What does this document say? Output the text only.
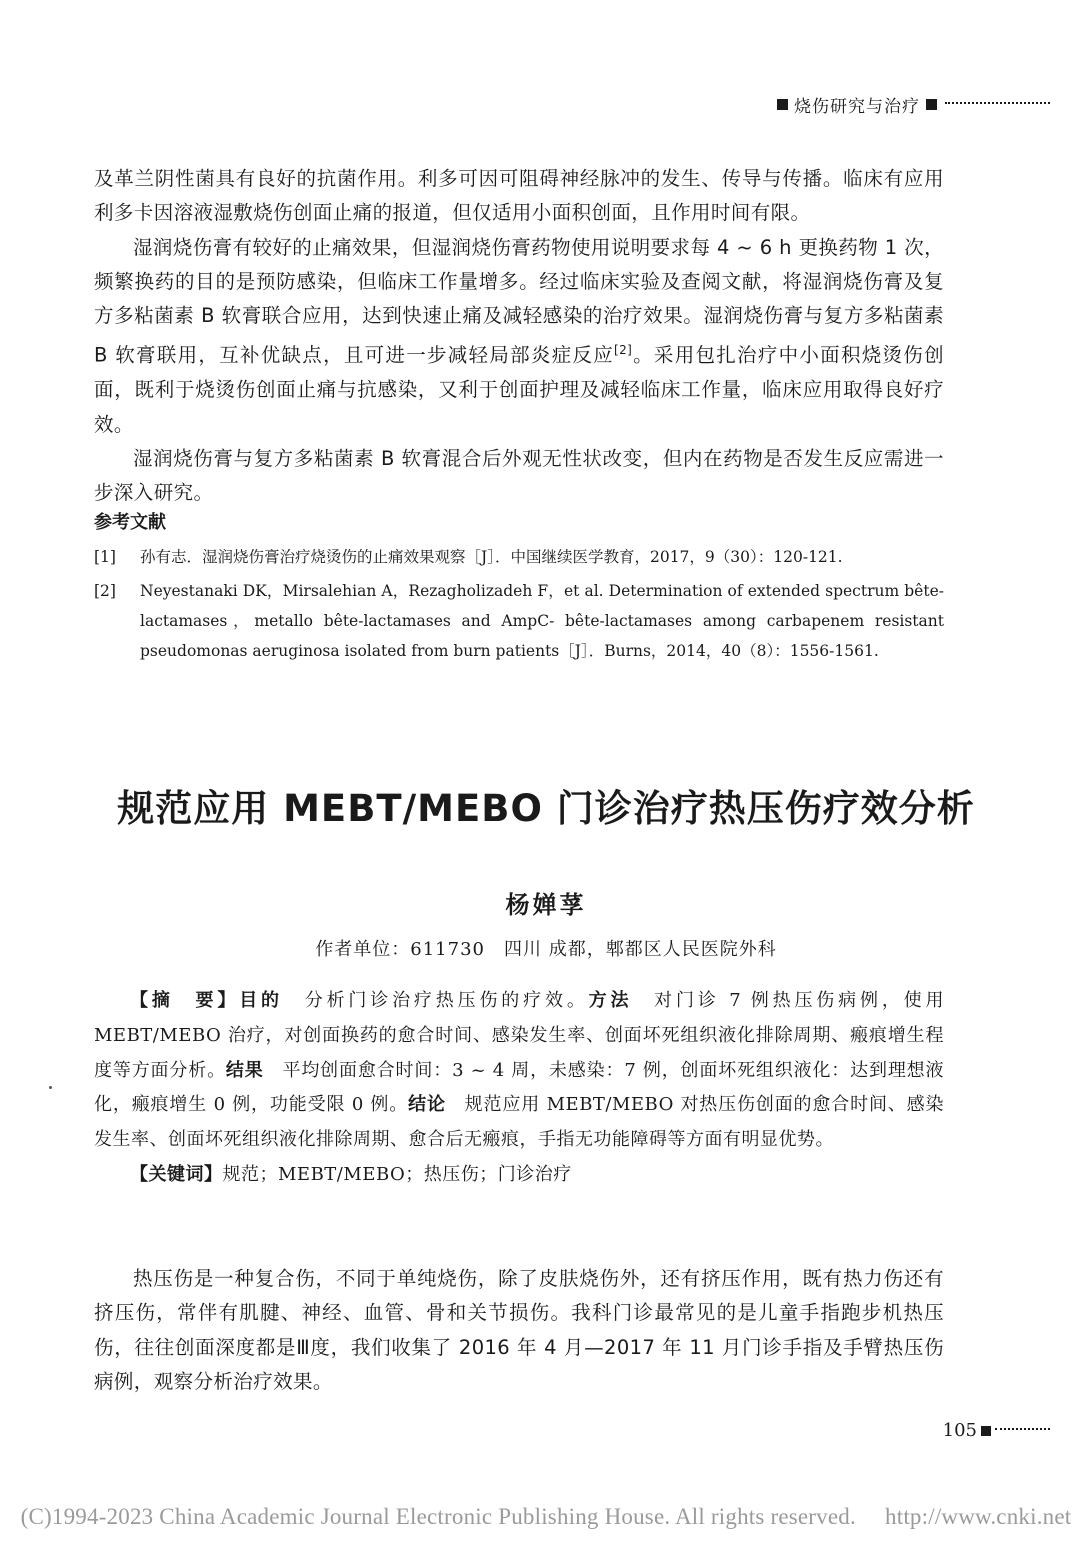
烧伤研究与治疗

及革兰阴性菌具有良好的抗菌作用。利多可因可阻碍神经脉冲的发生、传导与传播。临床有应用利多卡因溶液湿敷烧伤创面止痛的报道，但仅适用小面积创面，且作用时间有限。

湿润烧伤膏有较好的止痛效果，但湿润烧伤膏药物使用说明要求每 4 ~ 6 h 更换药物 1 次，频繁换药的目的是预防感染，但临床工作量增多。经过临床实验及查阅文献，将湿润烧伤膏及复方多粘菌素 B 软膏联合应用，达到快速止痛及减轻感染的治疗效果。湿润烧伤膏与复方多粘菌素 B 软膏联用，互补优缺点，且可进一步减轻局部炎症反应[2]。采用包扎治疗中小面积烧烫伤创面，既利于烧烫伤创面止痛与抗感染，又利于创面护理及减轻临床工作量，临床应用取得良好疗效。

湿润烧伤膏与复方多粘菌素 B 软膏混合后外观无性状改变，但内在药物是否发生反应需进一步深入研究。

参考文献
[1]	孙有志．湿润烧伤膏治疗烧烫伤的止痛效果观察［J］．中国继续医学教育，2017，9（30）：120-121.
[2]	Neyestanaki DK，Mirsalehian A，Rezagholizadeh F，et al. Determination of extended spectrum bête-lactamases，metallo bête-lactamases and AmpC- bête-lactamases among carbapenem resistant pseudomonas aeruginosa isolated from burn patients［J］．Burns，2014，40（8）：1556-1561.
规范应用 MEBT/MEBO 门诊治疗热压伤疗效分析
杨婵莩
作者单位：611730　四川 成都，郫都区人民医院外科

【摘　要】目的　分析门诊治疗热压伤的疗效。方法　对门诊 7 例热压伤病例，使用 MEBT/MEBO 治疗，对创面换药的愈合时间、感染发生率、创面坏死组织液化排除周期、瘢痕增生程度等方面分析。结果　平均创面愈合时间：3 ~ 4 周，未感染：7 例，创面坏死组织液化：达到理想液化，瘢痕增生 0 例，功能受限 0 例。结论　规范应用 MEBT/MEBO 对热压伤创面的愈合时间、感染发生率、创面坏死组织液化排除周期、愈合后无瘢痕，手指无功能障碍等方面有明显优势。

【关键词】规范；MEBT/MEBO；热压伤；门诊治疗

热压伤是一种复合伤，不同于单纯烧伤，除了皮肤烧伤外，还有挤压作用，既有热力伤还有挤压伤，常伴有肌腱、神经、血管、骨和关节损伤。我科门诊最常见的是儿童手指跑步机热压伤，往往创面深度都是Ⅲ度，我们收集了 2016 年 4 月—2017 年 11 月门诊手指及手臂热压伤病例，观察分析治疗效果。

105
(C)1994-2023 China Academic Journal Electronic Publishing House. All rights reserved.　 http://www.cnki.net
